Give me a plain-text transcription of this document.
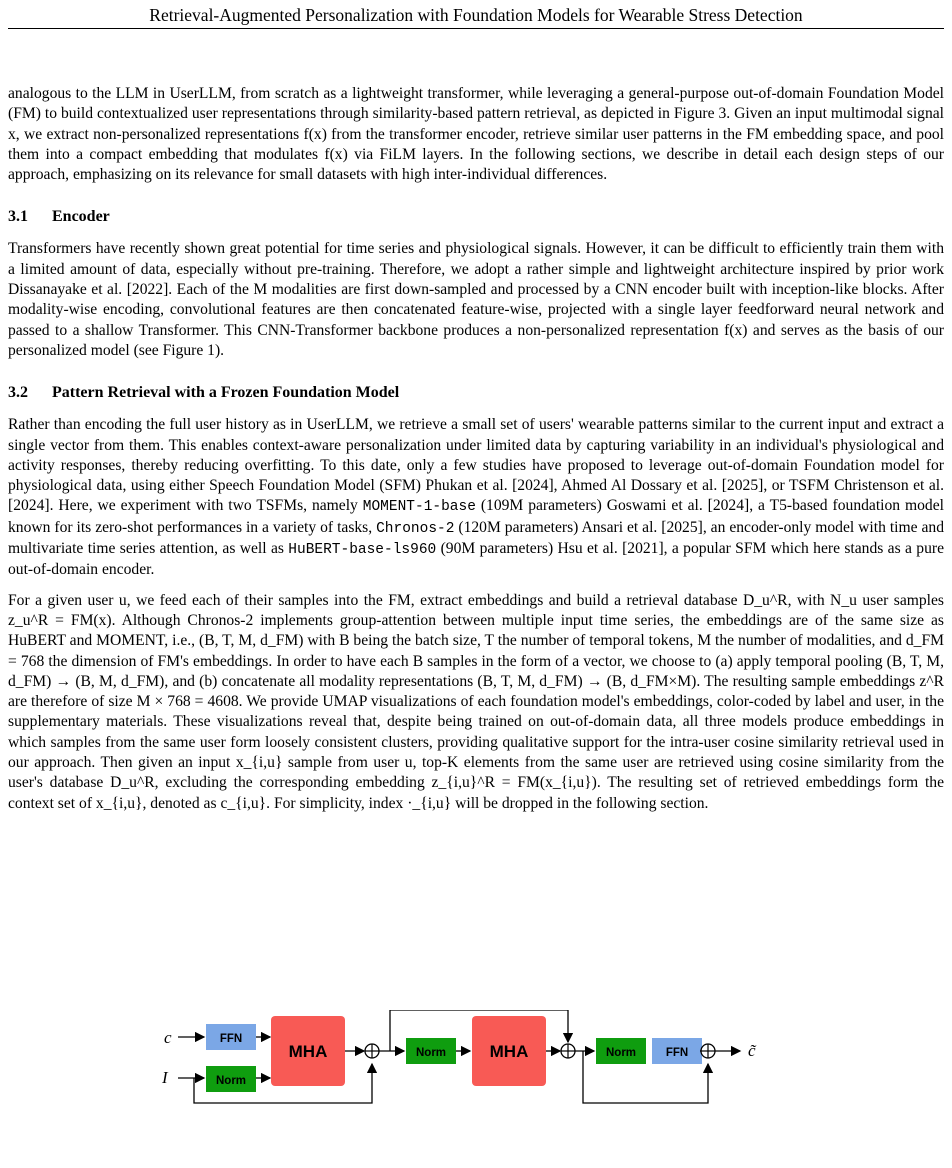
Retrieval-Augmented Personalization with Foundation Models for Wearable Stress Detection

analogous to the LLM in UserLLM, from scratch as a lightweight transformer, while leveraging a general-purpose out-of-domain Foundation Model (FM) to build contextualized user representations through similarity-based pattern retrieval, as depicted in Figure 3. Given an input multimodal signal x, we extract non-personalized representations f(x) from the transformer encoder, retrieve similar user patterns in the FM embedding space, and pool them into a compact embedding that modulates f(x) via FiLM layers. In the following sections, we describe in detail each design steps of our approach, emphasizing on its relevance for small datasets with high inter-individual differences.

3.1 Encoder

Transformers have recently shown great potential for time series and physiological signals. However, it can be difficult to efficiently train them with a limited amount of data, especially without pre-training. Therefore, we adopt a rather simple and lightweight architecture inspired by prior work Dissanayake et al. [2022]. Each of the M modalities are first down-sampled and processed by a CNN encoder built with inception-like blocks. After modality-wise encoding, convolutional features are then concatenated feature-wise, projected with a single layer feedforward neural network and passed to a shallow Transformer. This CNN-Transformer backbone produces a non-personalized representation f(x) and serves as the basis of our personalized model (see Figure 1).

3.2 Pattern Retrieval with a Frozen Foundation Model

Rather than encoding the full user history as in UserLLM, we retrieve a small set of users' wearable patterns similar to the current input and extract a single vector from them. This enables context-aware personalization under limited data by capturing variability in an individual's physiological and activity responses, thereby reducing overfitting. To this date, only a few studies have proposed to leverage out-of-domain Foundation model for physiological data, using either Speech Foundation Model (SFM) Phukan et al. [2024], Ahmed Al Dossary et al. [2025], or TSFM Christenson et al. [2024]. Here, we experiment with two TSFMs, namely MOMENT-1-base (109M parameters) Goswami et al. [2024], a T5-based foundation model known for its zero-shot performances in a variety of tasks, Chronos-2 (120M parameters) Ansari et al. [2025], an encoder-only model with time and multivariate time series attention, as well as HuBERT-base-ls960 (90M parameters) Hsu et al. [2021], a popular SFM which here stands as a pure out-of-domain encoder.

For a given user u, we feed each of their samples into the FM, extract embeddings and build a retrieval database D_u^R, with N_u user samples z_u^R = FM(x). Although Chronos-2 implements group-attention between multiple input time series, the embeddings are of the same size as HuBERT and MOMENT, i.e., (B, T, M, d_FM) with B being the batch size, T the number of temporal tokens, M the number of modalities, and d_FM = 768 the dimension of FM's embeddings. In order to have each B samples in the form of a vector, we choose to (a) apply temporal pooling (B, T, M, d_FM) → (B, M, d_FM), and (b) concatenate all modality representations (B, T, M, d_FM) → (B, d_FM×M). The resulting sample embeddings z^R are therefore of size M × 768 = 4608. We provide UMAP visualizations of each foundation model's embeddings, color-coded by label and user, in the supplementary materials. These visualizations reveal that, despite being trained on out-of-domain data, all three models produce embeddings in which samples from the same user form loosely consistent clusters, providing qualitative support for the intra-user cosine similarity retrieval used in our approach. Then given an input x_{i,u} sample from user u, top-K elements from the same user are retrieved using cosine similarity from the user's database D_u^R, excluding the corresponding embedding z_{i,u}^R = FM(x_{i,u}). The resulting set of retrieved embeddings form the context set of x_{i,u}, denoted as c_{i,u}. For simplicity, index ·_{i,u} will be dropped in the following section.

c
I
FFN
Norm
MHA	Norm	MHA	Norm	FFN	c̃
